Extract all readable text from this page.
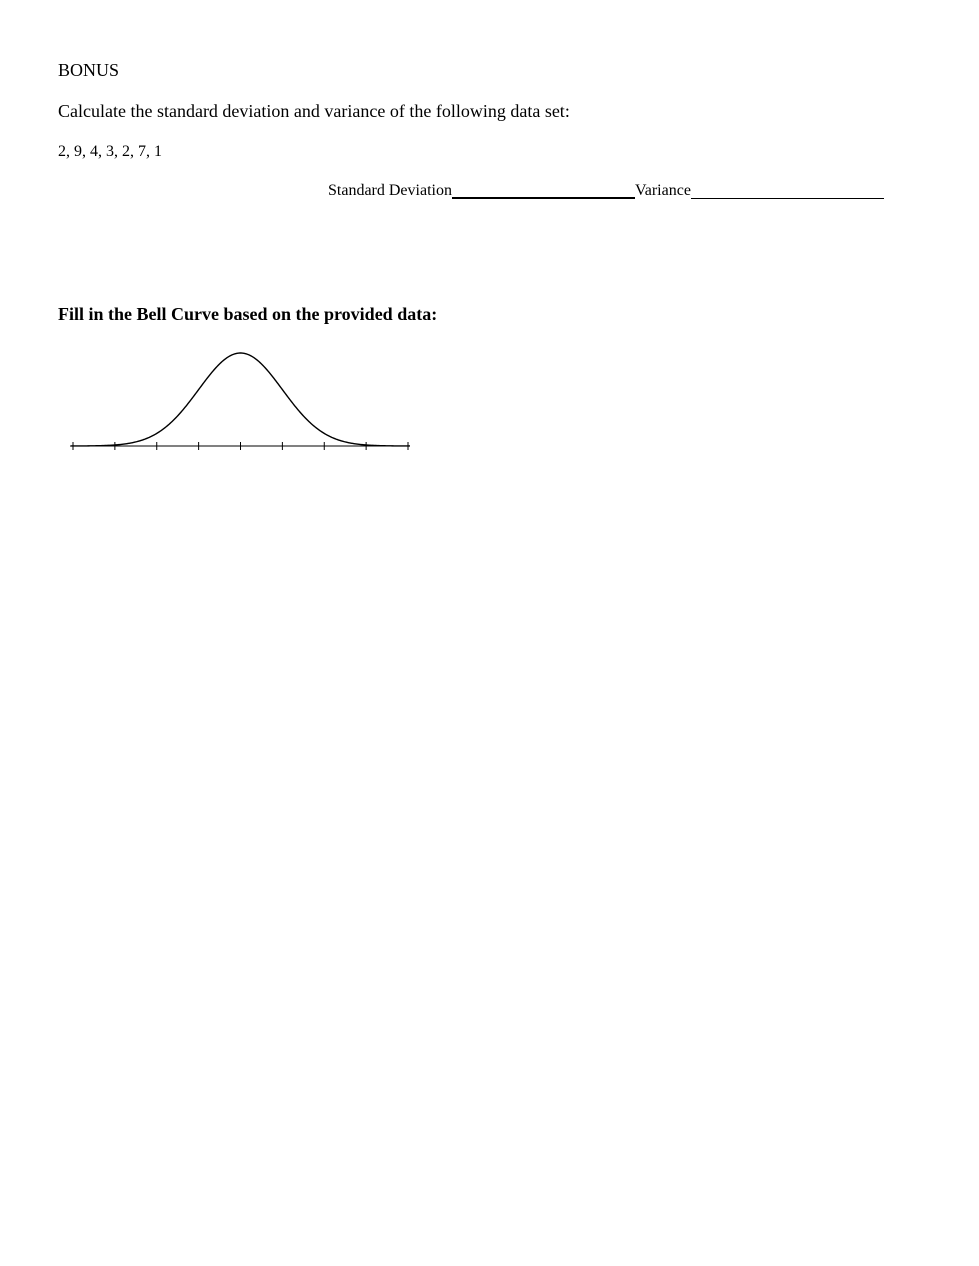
BONUS
Calculate the standard deviation and variance of the following data set:
2, 9, 4, 3, 2, 7, 1
Standard Deviation	Variance
Fill in the Bell Curve based on the provided data:
